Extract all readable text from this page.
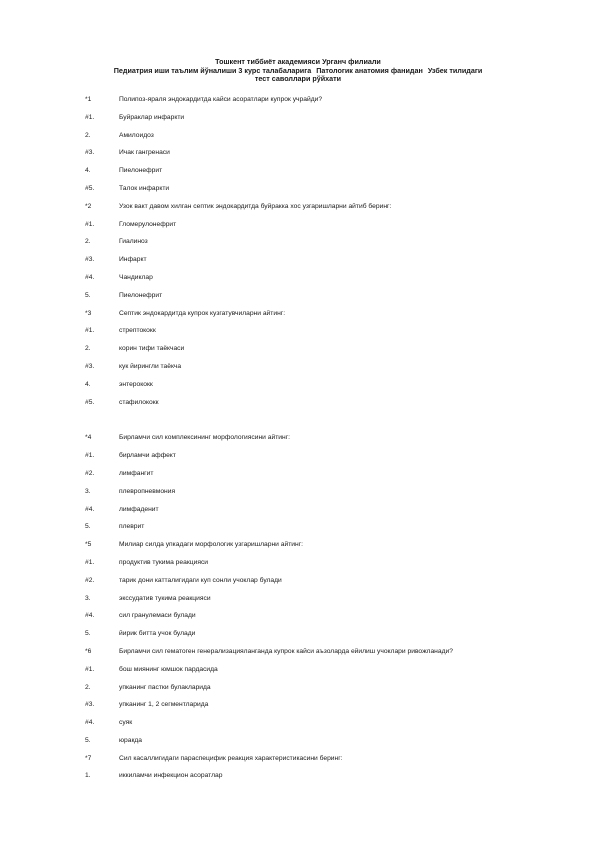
Тошкент тиббиёт академияси Урганч филиали
Педиатрия иши таълим йўналиши 3 курс талабаларига Патологик анатомия фанидан Узбек тилидаги
тест саволлари рўйхати
*1	Полипоз-яраля эндокардитда кайси асоратлари купрок учрайди?
#1.	Буйраклар инфаркти
2.	Амилоидоз
#3.	Ичак гангренаси
4.	Пиелонефрит
#5.	Талок инфаркти
*2	Узок вакт давом хилган септик эндокардитда буйракка хос узгаришларни айтиб беринг:
#1.	Гломерулонефрит
2.	Гиалиноз
#3.	Инфаркт
#4.	Чандиклар
5.	Пиелонефрит
*3	Септик эндокардитда купрок кузгатувчиларни айтинг:
#1.	стрептококк
2.	корин тифи таёкчаси
#3.	кук йирингли таёкча
4.	энтерококк
#5.	стафилококк
*4	Бирламчи сил комплексининг морфологиясини айтинг:
#1.	бирламчи аффект
#2.	лимфангит
3.	плевропневмония
#4.	лимфаденит
5.	плеврит
*5	Милиар силда упкадаги морфологик узгаришларни айтинг:
#1.	продуктив тукима реакцияси
#2.	тарик дони катталигидаги куп сонли учоклар булади
3.	экссудатив тукима реакцияси
#4.	сил гранулемаси булади
5.	йирик битта учок булади
*6	Бирламчи сил гематоген генерализацияланганда купрок кайси аъзоларда ейилиш учоклари ривожланади?
#1.	бош миянинг юмшок пардасида
2.	упканинг пастки булакларида
#3.	упканинг 1, 2 сегментларида
#4.	суяк
5.	юракда
*7	Сил касаллигидаги параспецифик реакция характеристикасини беринг:
1.	иккиламчи инфекцион асоратлар
